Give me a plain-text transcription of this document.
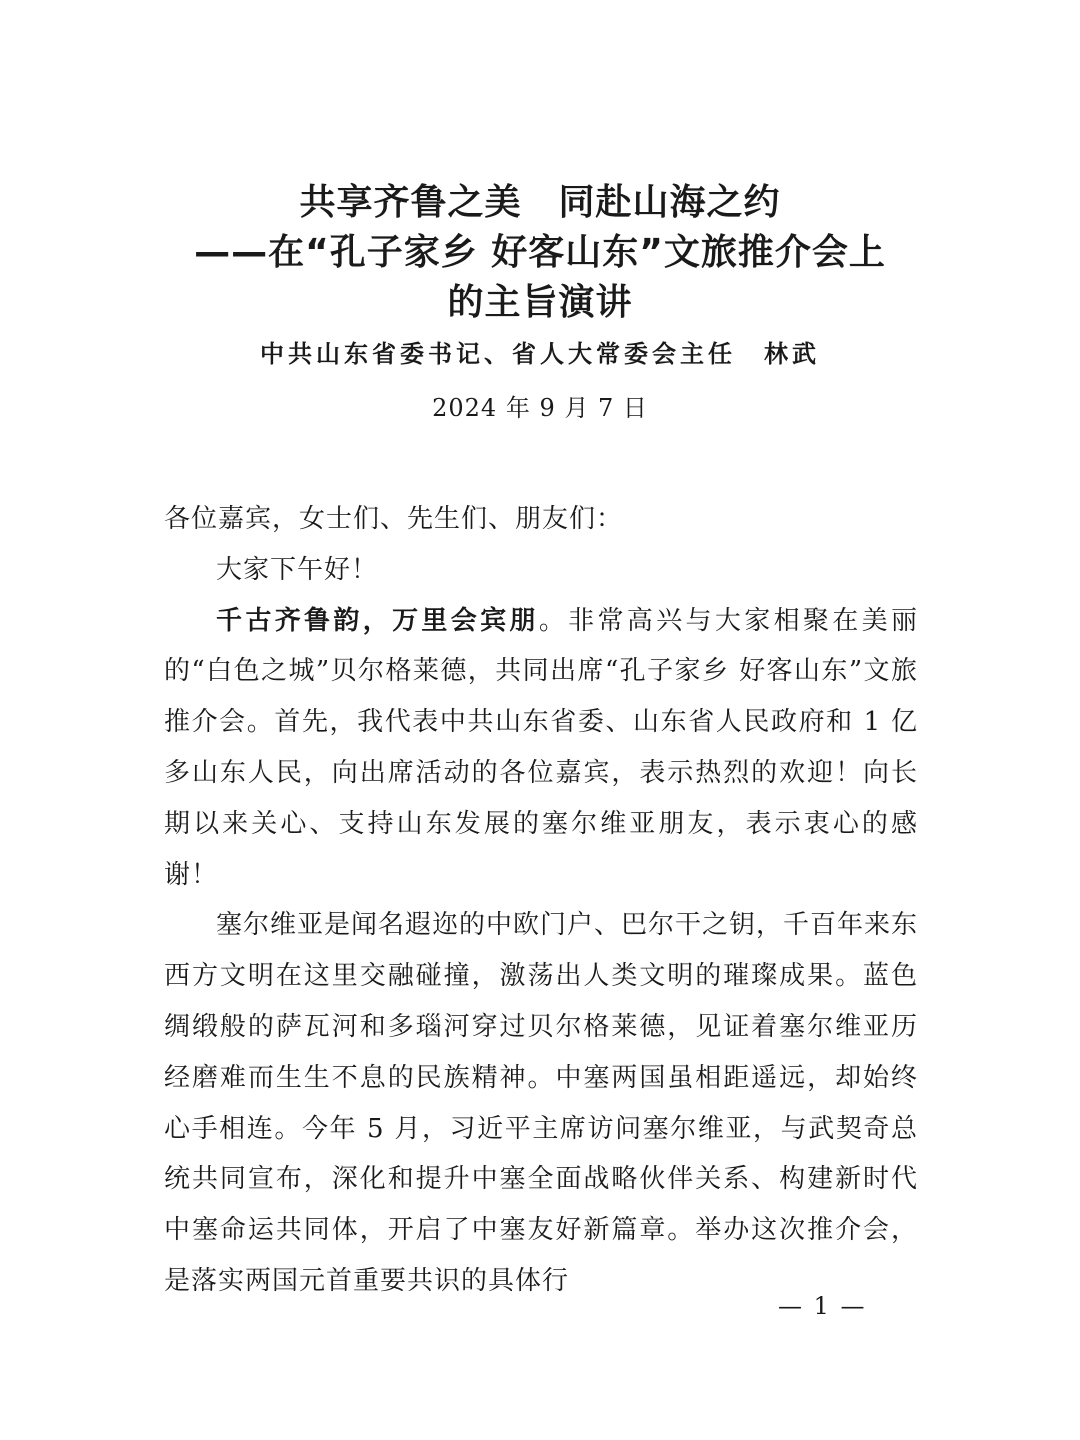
共享齐鲁之美　同赴山海之约
——在“孔子家乡 好客山东”文旅推介会上
的主旨演讲
中共山东省委书记、省人大常委会主任　林武
2024 年 9 月 7 日

各位嘉宾，女士们、先生们、朋友们：

大家下午好！

千古齐鲁韵，万里会宾朋。非常高兴与大家相聚在美丽的“白色之城”贝尔格莱德，共同出席“孔子家乡 好客山东”文旅推介会。首先，我代表中共山东省委、山东省人民政府和 1 亿多山东人民，向出席活动的各位嘉宾，表示热烈的欢迎！向长期以来关心、支持山东发展的塞尔维亚朋友，表示衷心的感谢！

塞尔维亚是闻名遐迩的中欧门户、巴尔干之钥，千百年来东西方文明在这里交融碰撞，激荡出人类文明的璀璨成果。蓝色绸缎般的萨瓦河和多瑙河穿过贝尔格莱德，见证着塞尔维亚历经磨难而生生不息的民族精神。中塞两国虽相距遥远，却始终心手相连。今年 5 月，习近平主席访问塞尔维亚，与武契奇总统共同宣布，深化和提升中塞全面战略伙伴关系、构建新时代中塞命运共同体，开启了中塞友好新篇章。举办这次推介会，是落实两国元首重要共识的具体行

— 1 —
